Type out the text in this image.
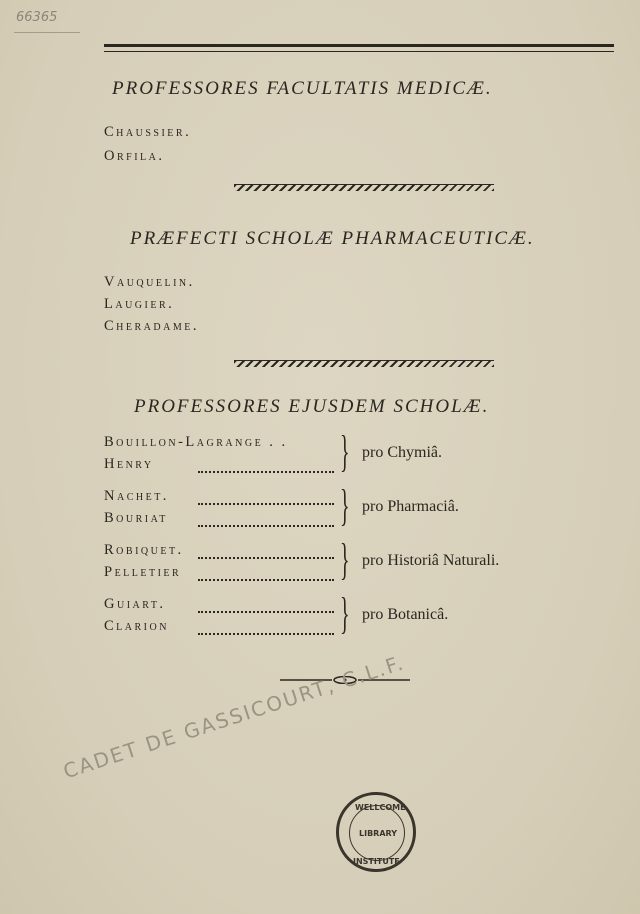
66365
PROFESSORES FACULTATIS MEDICÆ.
Chaussier.
Orfila.
PRÆFECTI SCHOLÆ PHARMACEUTICÆ.
Vauquelin.
Laugier.
Cheradame.
PROFESSORES EJUSDEM SCHOLÆ.
Bouillon-Lagrange . .
Henry	} pro Chymiâ.
Nachet.
Bouriat	} pro Pharmaciâ.
Robiquet.
Pelletier	} pro Historiâ Naturali.
Guiart.
Clarion	} pro Botanicâ.
CADET DE GASSICOURT, C.L.F.
WELLCOME
LIBRARY
INSTITUTE
